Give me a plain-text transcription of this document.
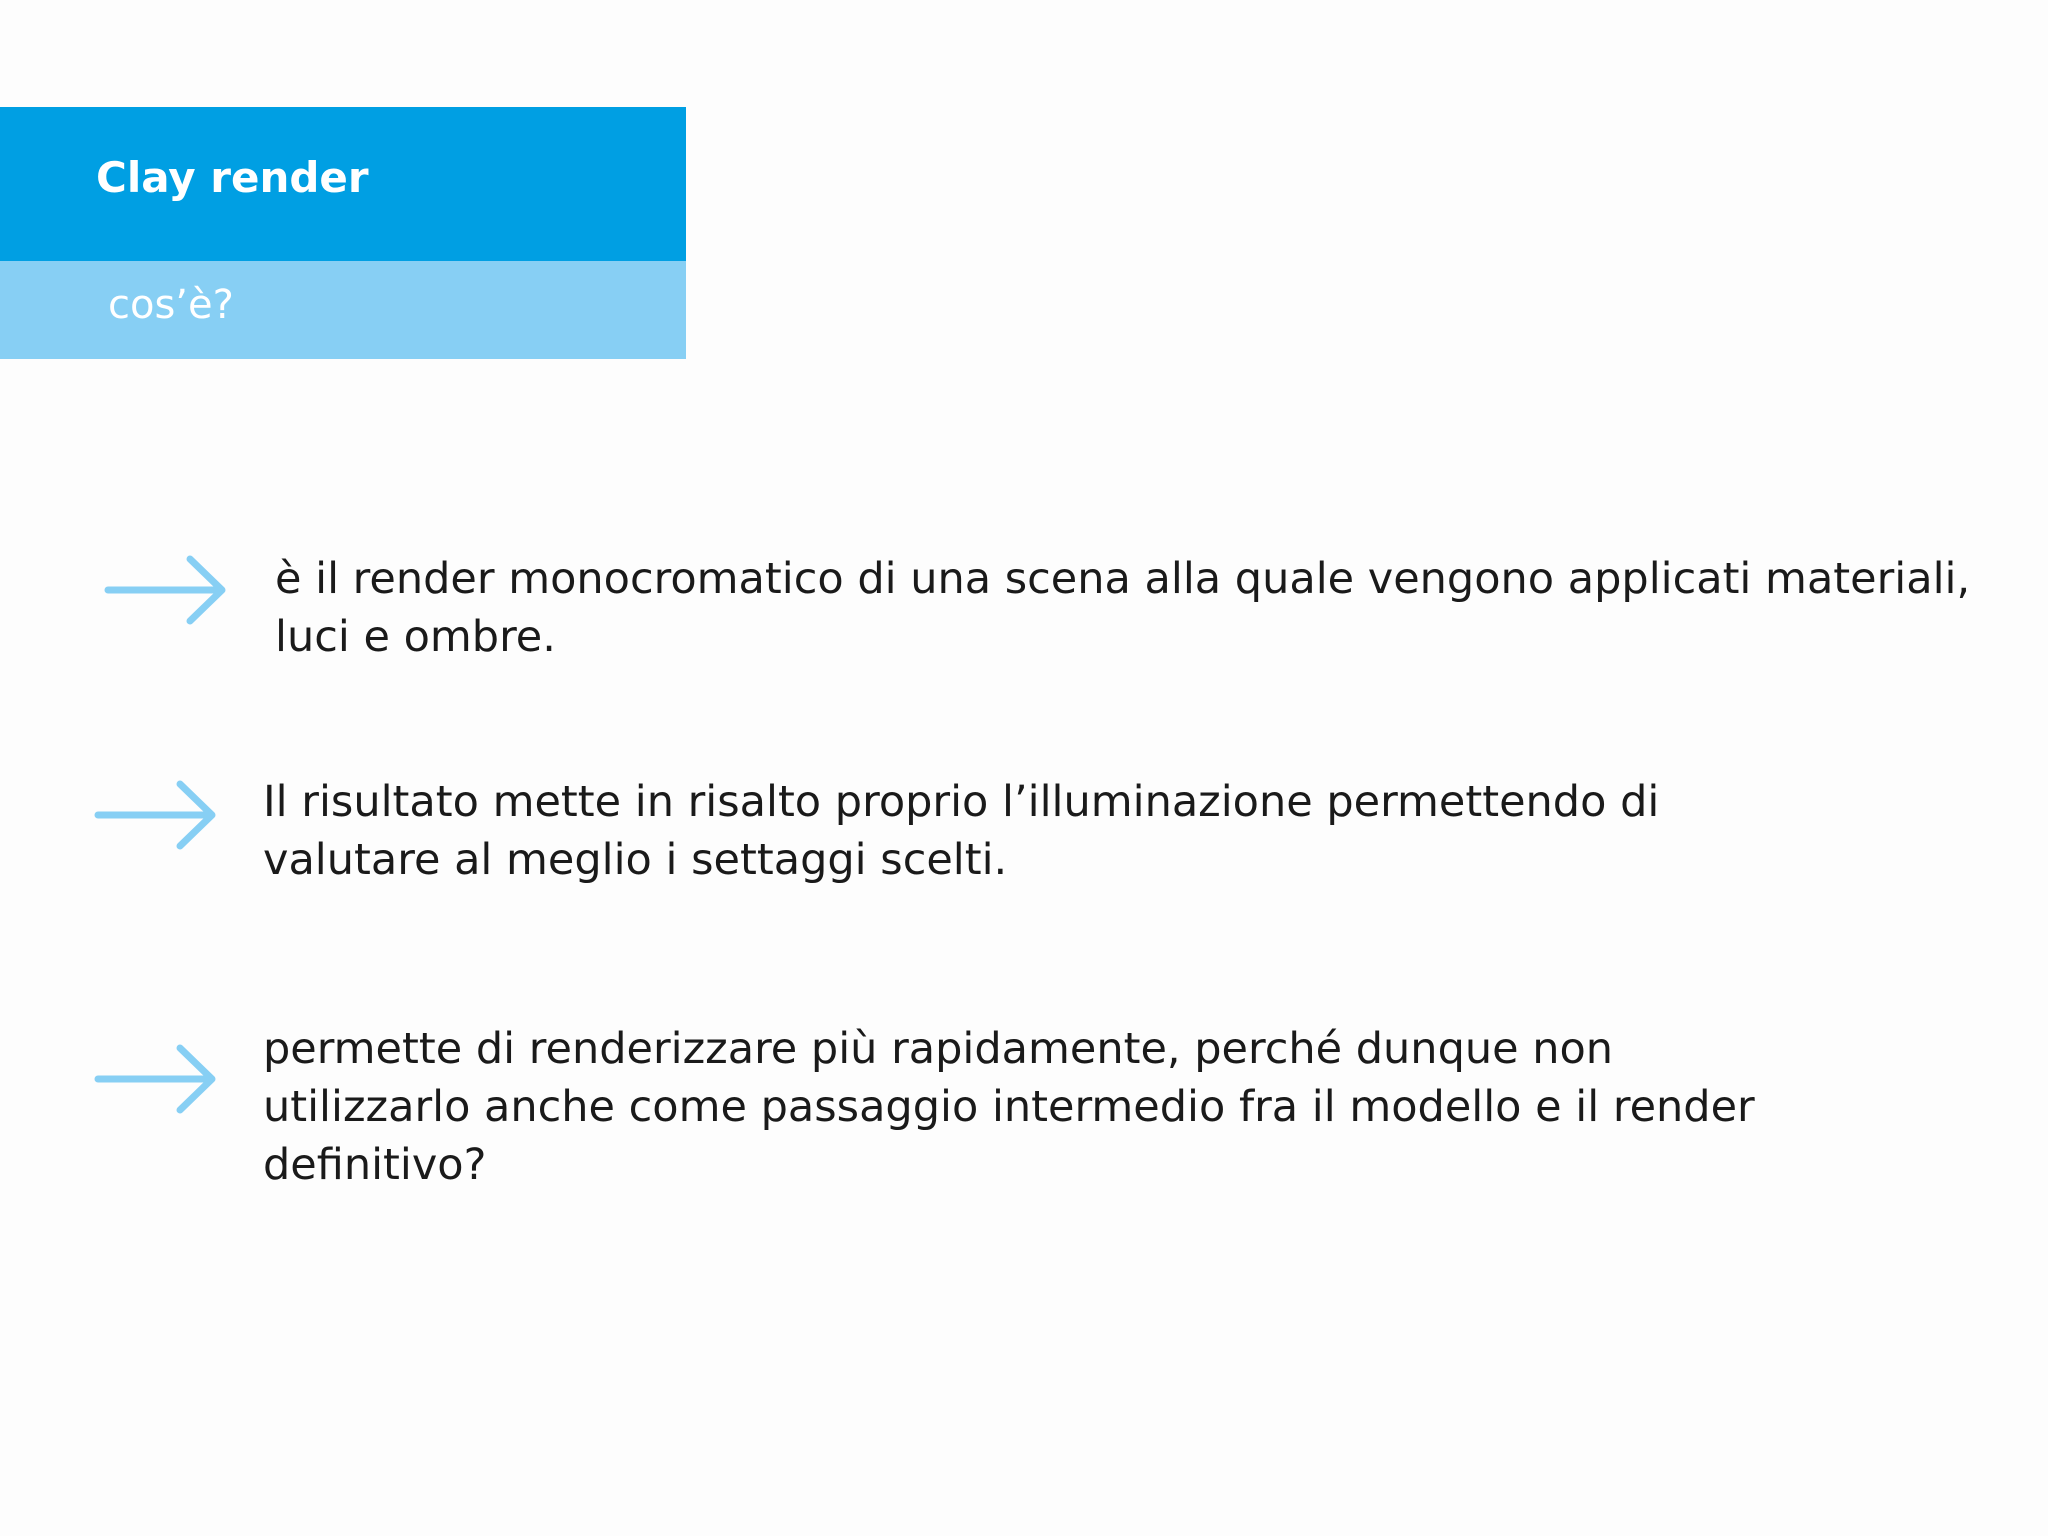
Clay render
cos’è?

è il render monocromatico di una scena alla quale vengono applicati materiali, luci e ombre.

Il risultato mette in risalto proprio l’illuminazione permettendo di valutare al meglio i settaggi scelti.

permette di renderizzare più rapidamente, perché dunque non utilizzarlo anche come passaggio intermedio fra il modello e il render definitivo?
